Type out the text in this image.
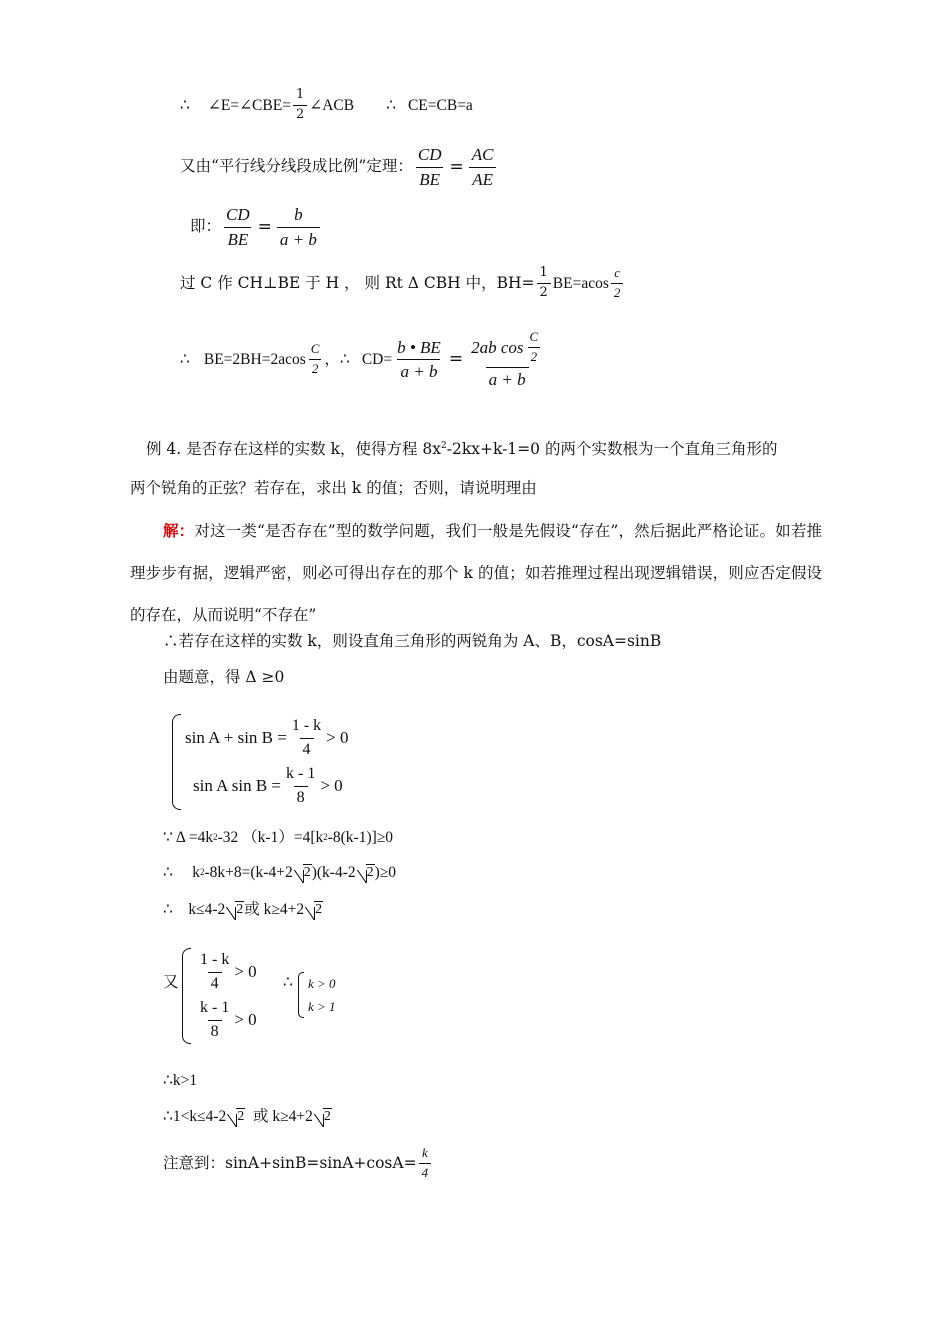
∴ ∠E=∠CBE= $\frac{1}{2}$ ∠ACB ∴ CE=CB=a
又由“平行线分线段成比例”定理： $\frac{CD}{BE} = \frac{AC}{AE}$
即： $\frac{CD}{BE} = \frac{b}{a + b}$
过 C 作 CH⊥BE 于 H ， 则 Rt Δ CBH 中，$BH= \frac{1}{2} BE=acos \frac{c}{2}$
∴ $BE=2BH=2acos \frac{C}{2}$ ， ∴ $CD= \frac{b • BE}{a + b} = \frac{2ab \cos \frac{C}{2}}{a + b}$
例 4. 是否存在这样的实数 k，使得方程 $8x^2-2kx+k-1=0$ 的两个实数根为一个直角三角形的
两个锐角的正弦？若存在，求出 k 的值；否则，请说明理由
解：对这一类“是否存在”型的数学问题，我们一般是先假设“存在”，然后据此严格论证。如若推理步步有据，逻辑严密，则必可得出存在的那个 k 的值；如若推理过程出现逻辑错误，则应否定假设的存在，从而说明“不存在”
∴若存在这样的实数 k，则设直角三角形的两锐角为 A、B，cosA=sinB
由题意，得 Δ ≥0
$\sin A + \sin B = \frac{1 - k}{4} > 0$
sin A $\sin B = \frac{k - 1}{8} > 0$
∵ Δ =4k 2 -32 （k-1）=4[k 2 -8(k-1)]≥0
∴     k 2 -8k+8=(k-4+2 2 )(k-4-2 2 )≥0
∴    k≤4-2 2 或 k≥4+2 2
又 $\frac{1 - k}{4} > 0$
$\frac{k - 1}{8} > 0$
∴ k > 0
k > 1
∴k>1
∴1<k≤4-2 2 或 k≥4+2 2
注意到：$\sin A+\sin B=\sin A+\cos A= \frac{k}{4}$
